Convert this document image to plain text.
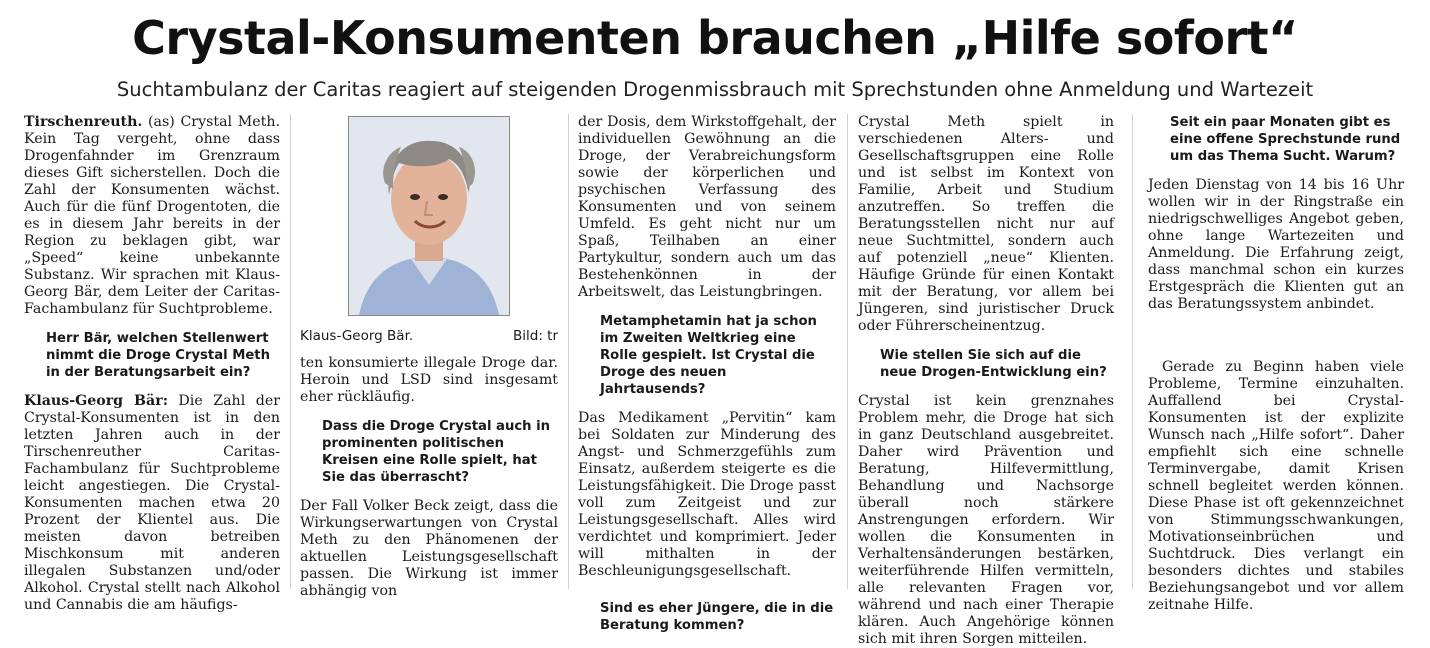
Crystal-Konsumenten brauchen „Hilfe sofort“
Suchtambulanz der Caritas reagiert auf steigenden Drogenmissbrauch mit Sprechstunden ohne Anmeldung und Wartezeit

Tirschenreuth. (as) Crystal Meth. Kein Tag vergeht, ohne dass Drogenfahnder im Grenzraum dieses Gift sicherstellen. Doch die Zahl der Konsumenten wächst. Auch für die fünf Drogentoten, die es in diesem Jahr bereits in der Region zu beklagen gibt, war „Speed“ keine unbekannte Substanz. Wir sprachen mit Klaus-Georg Bär, dem Leiter der Caritas-Fachambulanz für Suchtprobleme.

Herr Bär, welchen Stellenwert nimmt die Droge Crystal Meth in der Beratungsarbeit ein?

Klaus-Georg Bär: Die Zahl der Crystal-Konsumenten ist in den letzten Jahren auch in der Tirschenreuther Caritas-Fachambulanz für Suchtprobleme leicht angestiegen. Die Crystal-Konsumenten machen etwa 20 Prozent der Klientel aus. Die meisten davon betreiben Mischkonsum mit anderen illegalen Substanzen und/oder Alkohol. Crystal stellt nach Alkohol und Cannabis die am häufigs-

Klaus-Georg Bär.	Bild: tr

ten konsumierte illegale Droge dar. Heroin und LSD sind insgesamt eher rückläufig.

Dass die Droge Crystal auch in prominenten politischen Kreisen eine Rolle spielt, hat Sie das überrascht?

Der Fall Volker Beck zeigt, dass die Wirkungserwartungen von Crystal Meth zu den Phänomenen der aktuellen Leistungsgesellschaft passen. Die Wirkung ist immer abhängig von

der Dosis, dem Wirkstoffgehalt, der individuellen Gewöhnung an die Droge, der Verabreichungsform sowie der körperlichen und psychischen Verfassung des Konsumenten und von seinem Umfeld. Es geht nicht nur um Spaß, Teilhaben an einer Partykultur, sondern auch um das Bestehenkönnen in der Arbeitswelt, das Leistungbringen.

Metamphetamin hat ja schon im Zweiten Weltkrieg eine Rolle gespielt. Ist Crystal die Droge des neuen Jahrtausends?

Das Medikament „Pervitin“ kam bei Soldaten zur Minderung des Angst- und Schmerzgefühls zum Einsatz, außerdem steigerte es die Leistungsfähigkeit. Die Droge passt voll zum Zeitgeist und zur Leistungsgesellschaft. Alles wird verdichtet und komprimiert. Jeder will mithalten in der Beschleunigungsgesellschaft.

Sind es eher Jüngere, die in die Beratung kommen?

Crystal Meth spielt in verschiedenen Alters- und Gesellschaftsgruppen eine Rolle und ist selbst im Kontext von Familie, Arbeit und Studium anzutreffen. So treffen die Beratungsstellen nicht nur auf neue Suchtmittel, sondern auch auf potenziell „neue“ Klienten. Häufige Gründe für einen Kontakt mit der Beratung, vor allem bei Jüngeren, sind juristischer Druck oder Führerscheinentzug.

Wie stellen Sie sich auf die neue Drogen-Entwicklung ein?

Crystal ist kein grenznahes Problem mehr, die Droge hat sich in ganz Deutschland ausgebreitet. Daher wird Prävention und Beratung, Hilfevermittlung, Behandlung und Nachsorge überall noch stärkere Anstrengungen erfordern. Wir wollen die Konsumenten in Verhaltensänderungen bestärken, weiterführende Hilfen vermitteln, alle relevanten Fragen vor, während und nach einer Therapie klären. Auch Angehörige können sich mit ihren Sorgen mitteilen.

Seit ein paar Monaten gibt es eine offene Sprechstunde rund um das Thema Sucht. Warum?

Jeden Dienstag von 14 bis 16 Uhr wollen wir in der Ringstraße ein niedrigschwelliges Angebot geben, ohne lange Wartezeiten und Anmeldung. Die Erfahrung zeigt, dass manchmal schon ein kurzes Erstgespräch die Klienten gut an das Beratungssystem anbindet.

Gerade zu Beginn haben viele Probleme, Termine einzuhalten. Auffallend bei Crystal-Konsumenten ist der explizite Wunsch nach „Hilfe sofort“. Daher empfiehlt sich eine schnelle Terminvergabe, damit Krisen schnell begleitet werden können. Diese Phase ist oft gekennzeichnet von Stimmungsschwankungen, Motivationseinbrüchen und Suchtdruck. Dies verlangt ein besonders dichtes und stabiles Beziehungsangebot und vor allem zeitnahe Hilfe.
